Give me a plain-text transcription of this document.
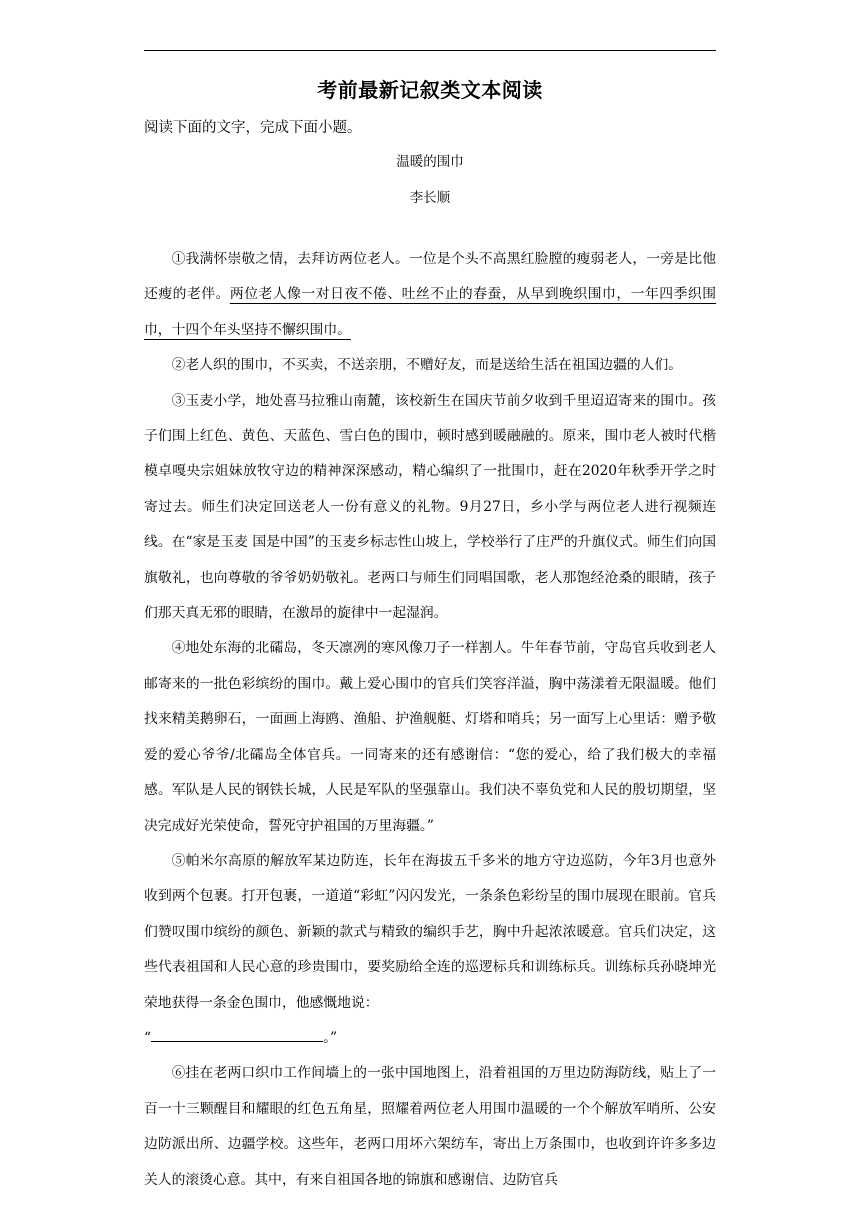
考前最新记叙类文本阅读
阅读下面的文字，完成下面小题。
温暖的围巾
李长顺

①我满怀崇敬之情，去拜访两位老人。一位是个头不高黑红脸膛的瘦弱老人，一旁是比他还瘦的老伴。两位老人像一对日夜不倦、吐丝不止的春蚕，从早到晚织围巾，一年四季织围巾，十四个年头坚持不懈织围巾。

②老人织的围巾，不买卖，不送亲朋，不赠好友，而是送给生活在祖国边疆的人们。

③玉麦小学，地处喜马拉雅山南麓，该校新生在国庆节前夕收到千里迢迢寄来的围巾。孩子们围上红色、黄色、天蓝色、雪白色的围巾，顿时感到暖融融的。原来，围巾老人被时代楷模卓嘎央宗姐妹放牧守边的精神深深感动，精心编织了一批围巾，赶在2020年秋季开学之时寄过去。师生们决定回送老人一份有意义的礼物。9月27日，乡小学与两位老人进行视频连线。在“家是玉麦 国是中国”的玉麦乡标志性山坡上，学校举行了庄严的升旗仪式。师生们向国旗敬礼，也向尊敬的爷爷奶奶敬礼。老两口与师生们同唱国歌，老人那饱经沧桑的眼睛，孩子们那天真无邪的眼睛，在激昂的旋律中一起湿润。

④地处东海的北礵岛，冬天凛冽的寒风像刀子一样割人。牛年春节前，守岛官兵收到老人邮寄来的一批色彩缤纷的围巾。戴上爱心围巾的官兵们笑容洋溢，胸中荡漾着无限温暖。他们找来精美鹅卵石，一面画上海鸥、渔船、护渔舰艇、灯塔和哨兵；另一面写上心里话：赠予敬爱的爱心爷爷/北礵岛全体官兵。一同寄来的还有感谢信：“您的爱心，给了我们极大的幸福感。军队是人民的钢铁长城，人民是军队的坚强靠山。我们决不辜负党和人民的殷切期望，坚决完成好光荣使命，誓死守护祖国的万里海疆。”

⑤帕米尔高原的解放军某边防连，长年在海拔五千多米的地方守边巡防，今年3月也意外收到两个包裹。打开包裹，一道道“彩虹”闪闪发光，一条条色彩纷呈的围巾展现在眼前。官兵们赞叹围巾缤纷的颜色、新颖的款式与精致的编织手艺，胸中升起浓浓暖意。官兵们决定，这些代表祖国和人民心意的珍贵围巾，要奖励给全连的巡逻标兵和训练标兵。训练标兵孙晓坤光荣地获得一条金色围巾，他感慨地说：

“	。”

⑥挂在老两口织巾工作间墙上的一张中国地图上，沿着祖国的万里边防海防线，贴上了一百一十三颗醒目和耀眼的红色五角星，照耀着两位老人用围巾温暖的一个个解放军哨所、公安边防派出所、边疆学校。这些年，老两口用坏六架纺车，寄出上万条围巾，也收到许许多多边关人的滚烫心意。其中，有来自祖国各地的锦旗和感谢信、边防官兵
